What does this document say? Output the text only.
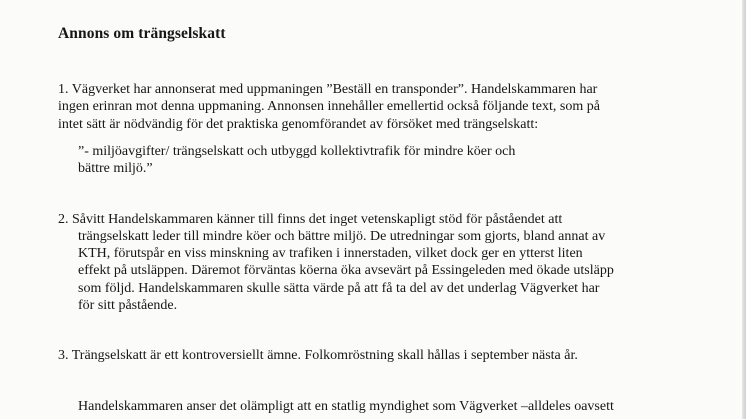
Annons om trängselskatt
1. Vägverket har annonserat med uppmaningen ”Beställ en transponder”. Handelskammaren har
ingen erinran mot denna uppmaning. Annonsen innehåller emellertid också följande text, som på
intet sätt är nödvändig för det praktiska genomförandet av försöket med trängselskatt:
”- miljöavgifter/ trängselskatt och utbyggd kollektivtrafik för mindre köer och
bättre miljö.”
2. Såvitt Handelskammaren känner till finns det inget vetenskapligt stöd för påståendet att
trängselskatt leder till mindre köer och bättre miljö. De utredningar som gjorts, bland annat av
KTH, förutspår en viss minskning av trafiken i innerstaden, vilket dock ger en ytterst liten
effekt på utsläppen. Däremot förväntas köerna öka avsevärt på Essingeleden med ökade utsläpp
som följd. Handelskammaren skulle sätta värde på att få ta del av det underlag Vägverket har
för sitt påstående.
3. Trängselskatt är ett kontroversiellt ämne. Folkomröstning skall hållas i september nästa år.
Handelskammaren anser det olämpligt att en statlig myndighet som Vägverket –alldeles oavsett
